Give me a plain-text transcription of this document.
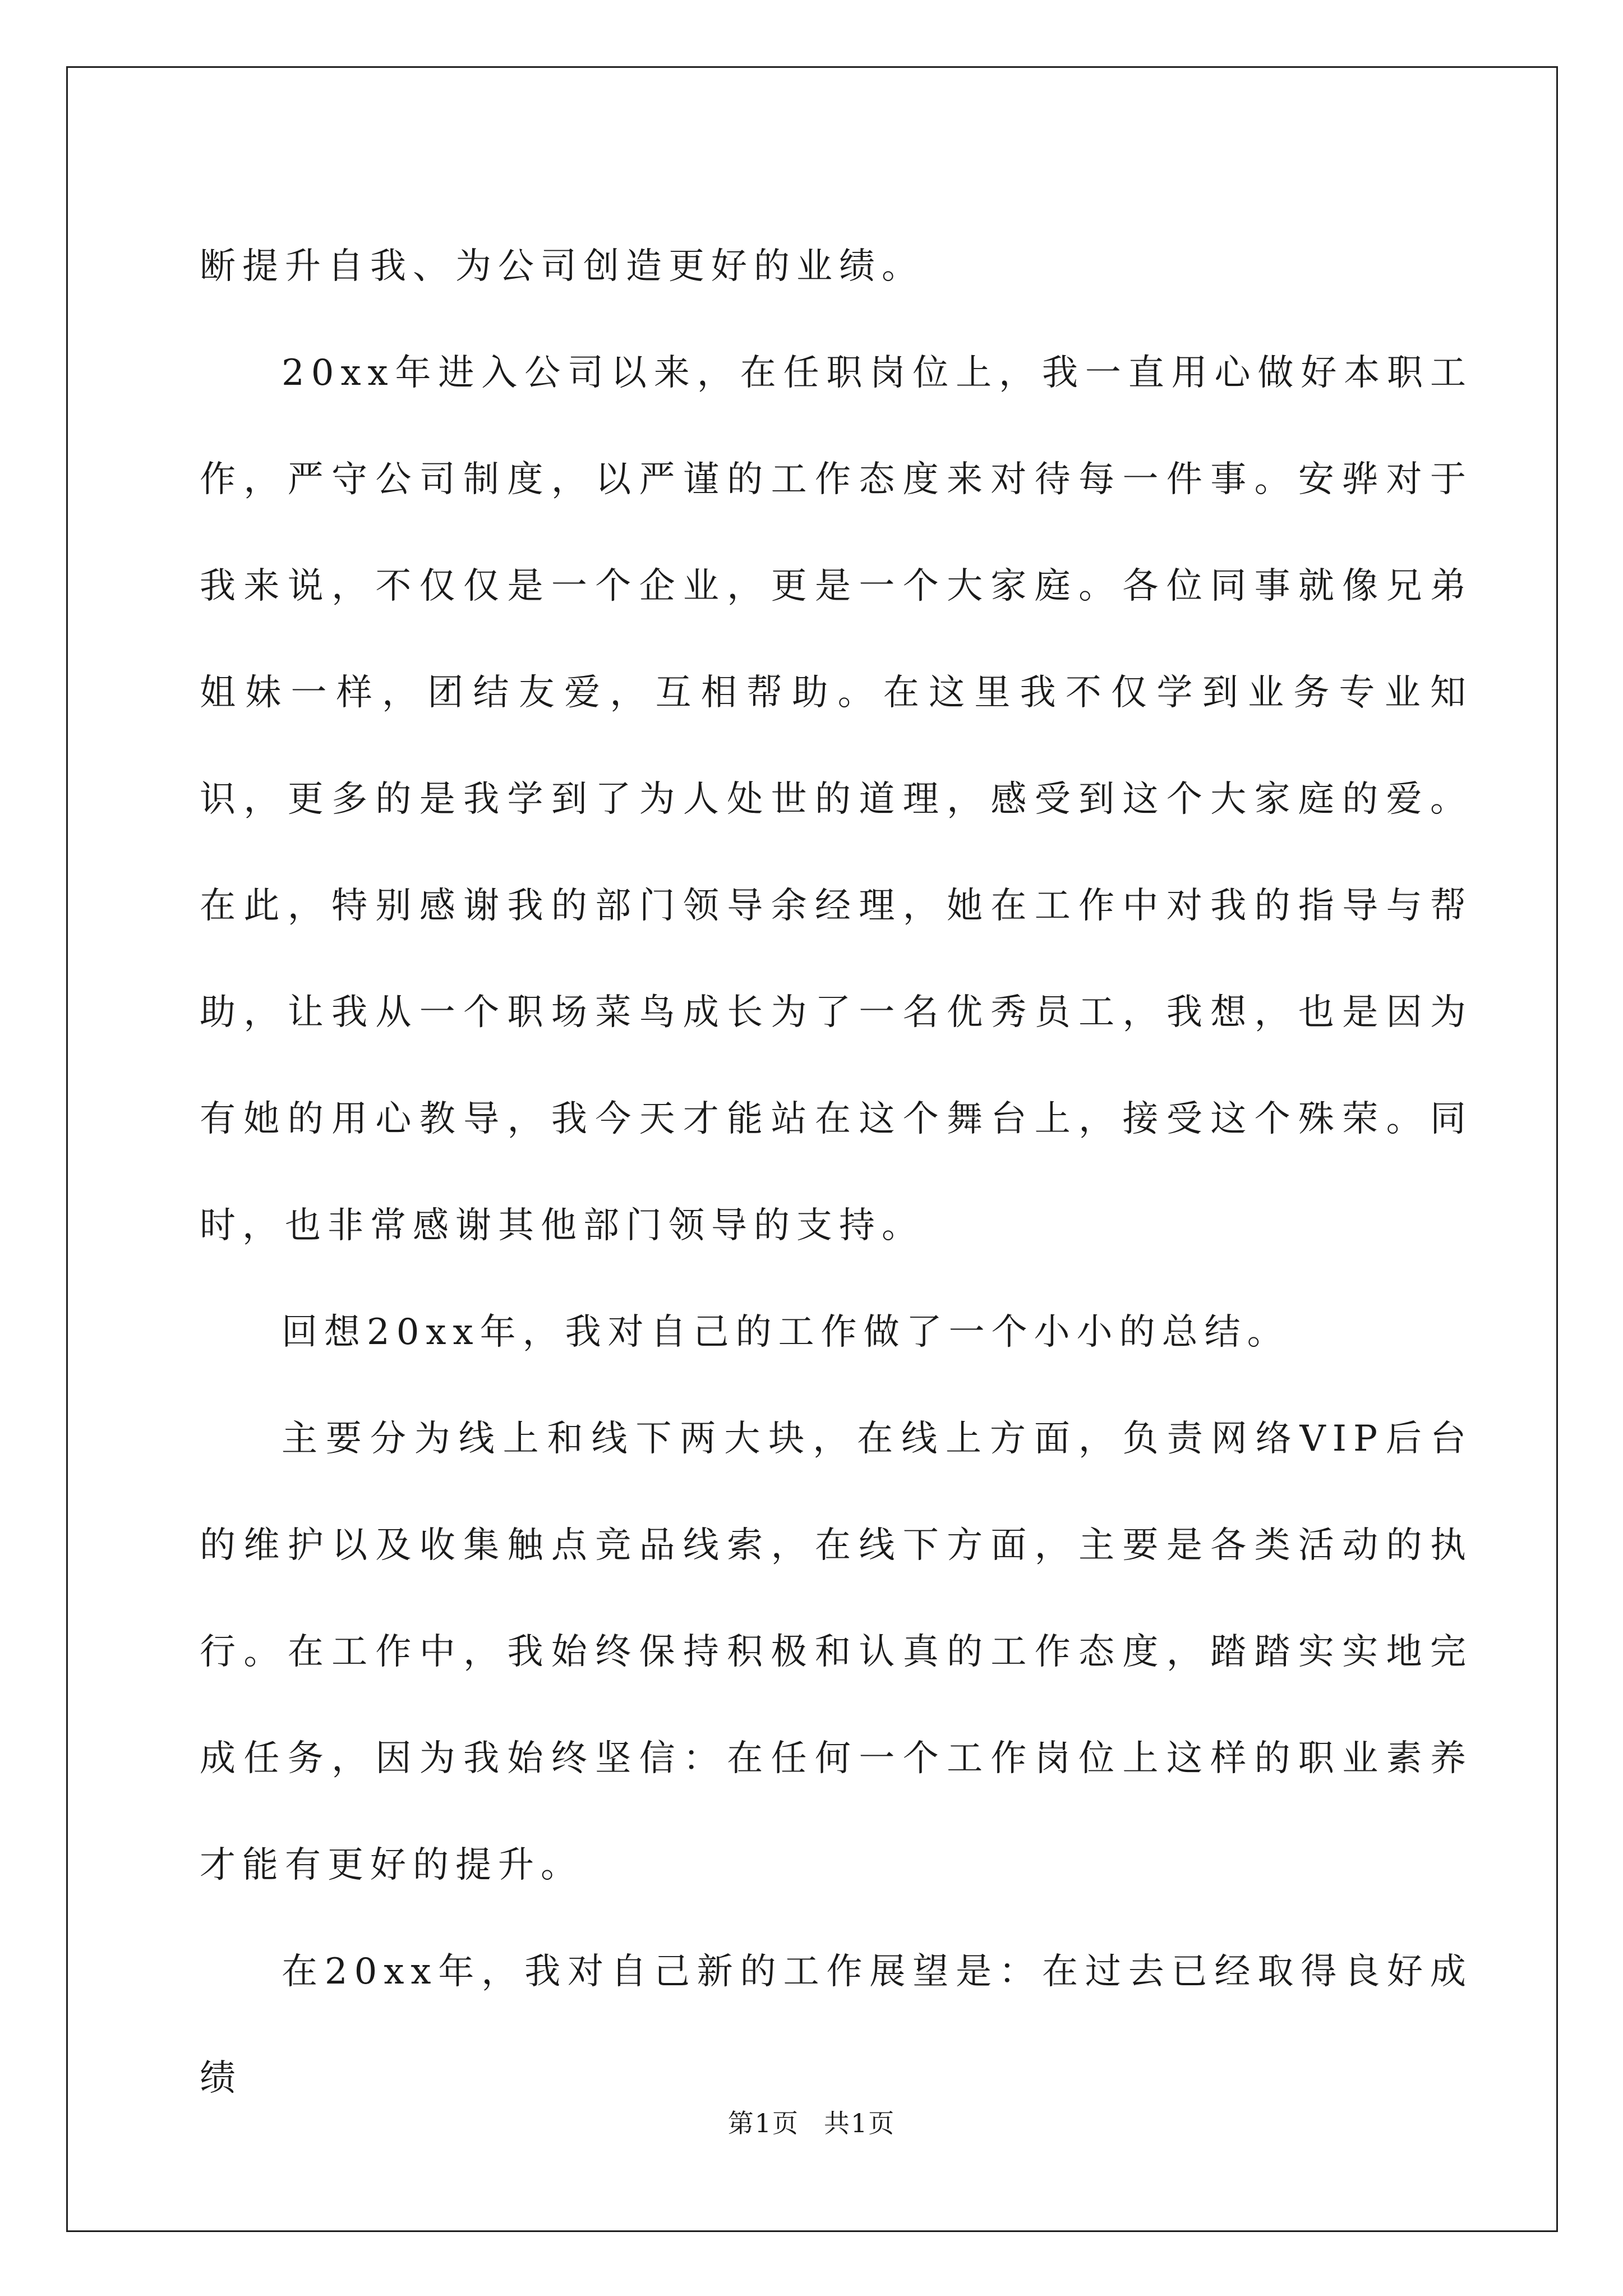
断提升自我、为公司创造更好的业绩。

20xx年进入公司以来，在任职岗位上，我一直用心做好本职工作，严守公司制度，以严谨的工作态度来对待每一件事。安骅对于我来说，不仅仅是一个企业，更是一个大家庭。各位同事就像兄弟姐妹一样，团结友爱，互相帮助。在这里我不仅学到业务专业知识，更多的是我学到了为人处世的道理，感受到这个大家庭的爱。在此，特别感谢我的部门领导余经理，她在工作中对我的指导与帮助，让我从一个职场菜鸟成长为了一名优秀员工，我想，也是因为有她的用心教导，我今天才能站在这个舞台上，接受这个殊荣。同时，也非常感谢其他部门领导的支持。

回想20xx年，我对自己的工作做了一个小小的总结。

主要分为线上和线下两大块，在线上方面，负责网络VIP后台的维护以及收集触点竞品线索，在线下方面，主要是各类活动的执行。在工作中，我始终保持积极和认真的工作态度，踏踏实实地完成任务，因为我始终坚信：在任何一个工作岗位上这样的职业素养才能有更好的提升。

在20xx年，我对自己新的工作展望是：在过去已经取得良好成绩

第1页 共1页
